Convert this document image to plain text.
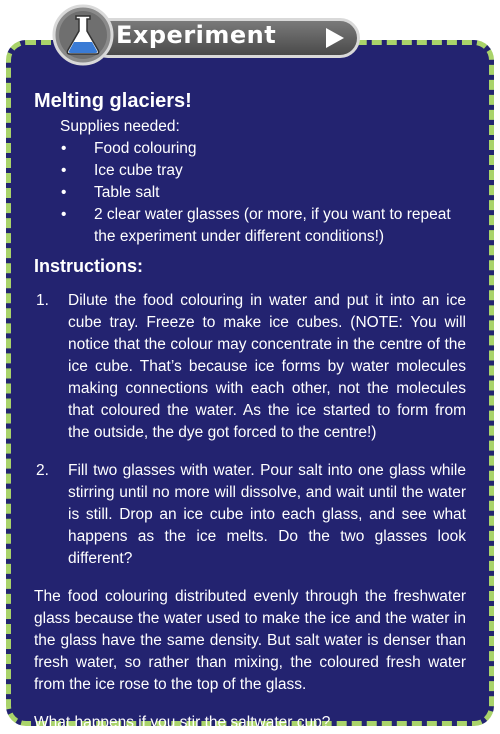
Experiment
Melting glaciers!
Supplies needed:
• Food colouring
• Ice cube tray
• Table salt
• 2 clear water glasses (or more, if you want to repeat the experiment under different conditions!)
Instructions:
1. Dilute the food colouring in water and put it into an ice cube tray. Freeze to make ice cubes. (NOTE: You will notice that the colour may concentrate in the centre of the ice cube. That’s because ice forms by water molecules making connections with each other, not the molecules that coloured the water. As the ice started to form from the outside, the dye got forced to the centre!)
2. Fill two glasses with water. Pour salt into one glass while stirring until no more will dissolve, and wait until the water is still. Drop an ice cube into each glass, and see what happens as the ice melts. Do the two glasses look different?

The food colouring distributed evenly through the freshwater glass because the water used to make the ice and the water in the glass have the same density. But salt water is denser than fresh water, so rather than mixing, the coloured fresh water from the ice rose to the top of the glass.

What happens if you stir the saltwater cup?
